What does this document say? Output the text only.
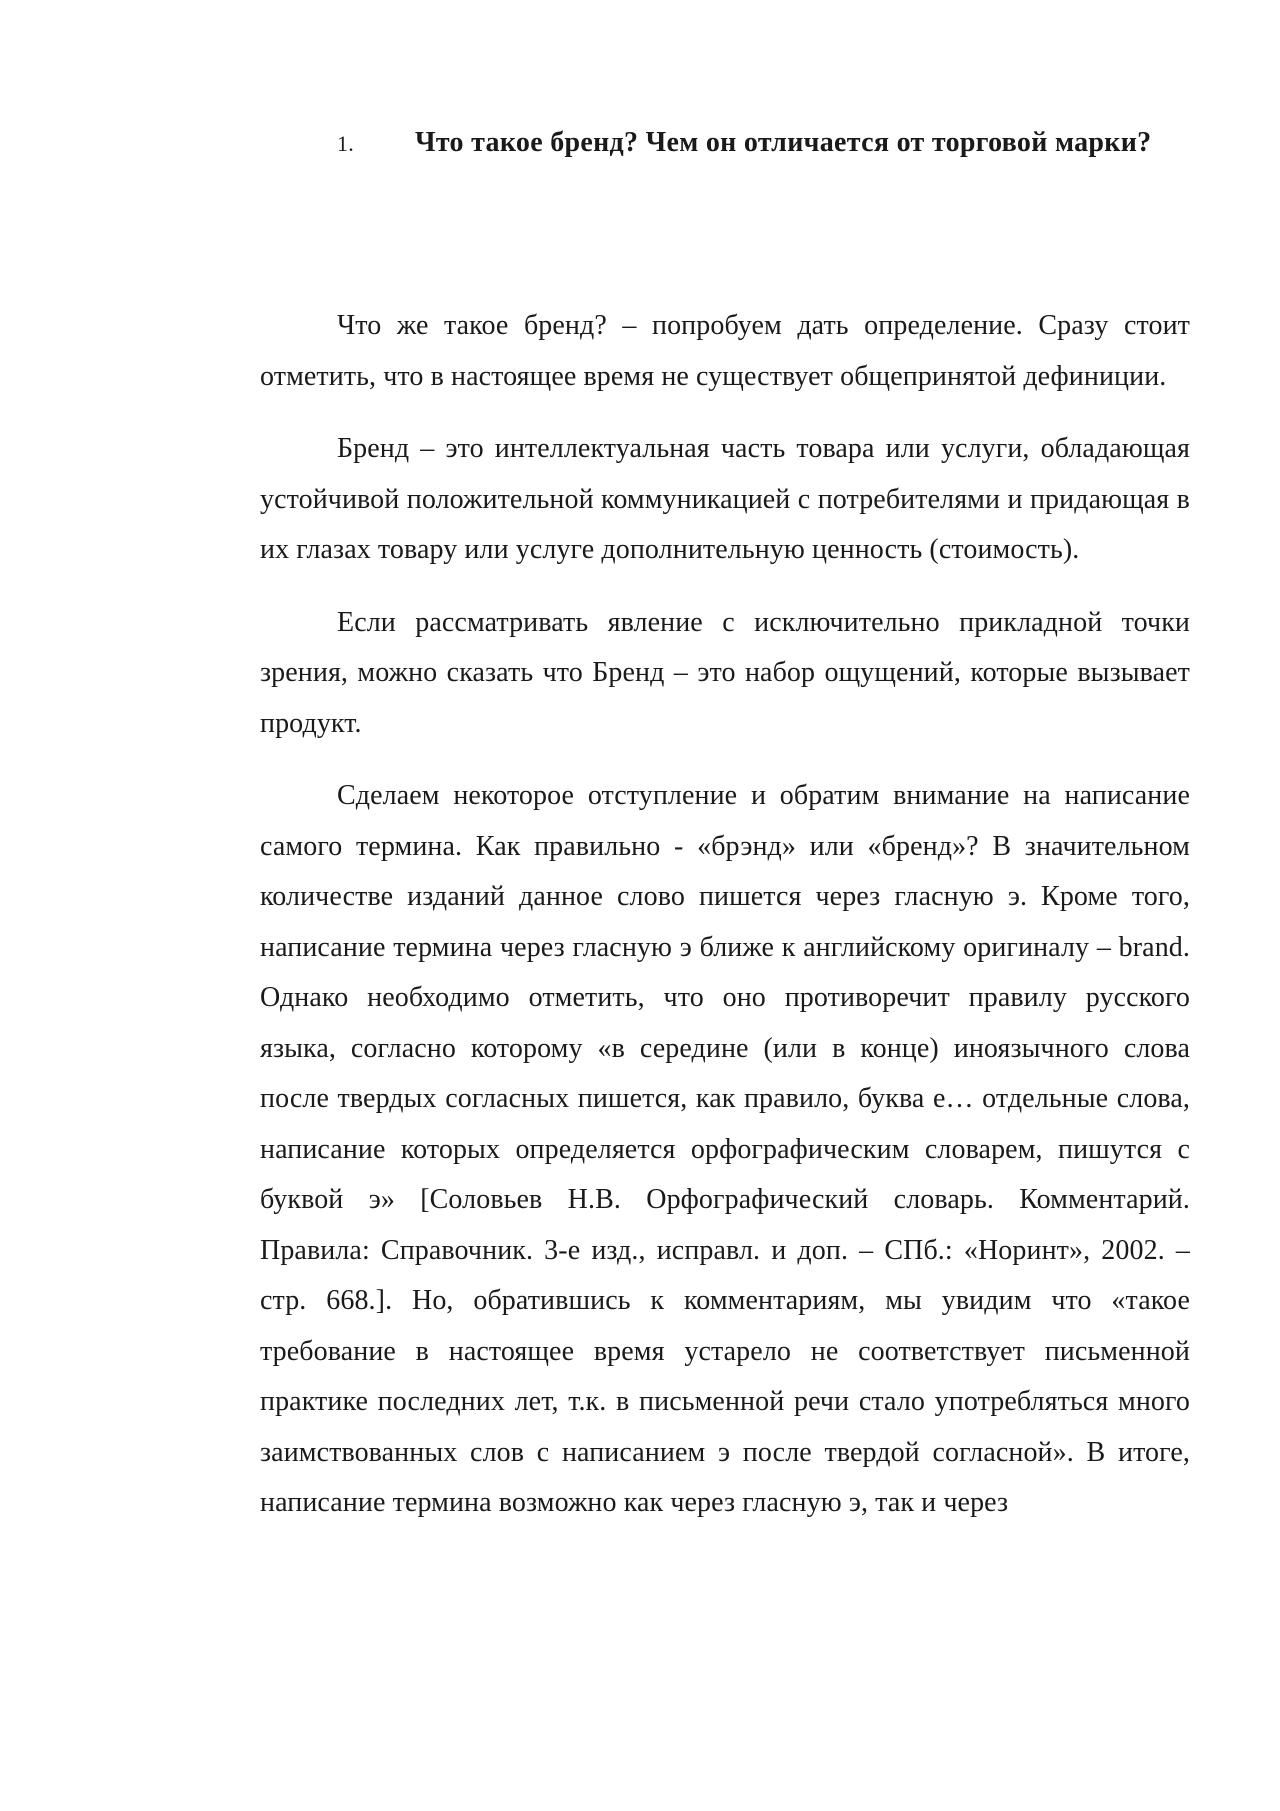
1. Что такое бренд? Чем он отличается от торговой марки?

Что же такое бренд? – попробуем дать определение. Сразу стоит отметить, что в настоящее время не существует общепринятой дефиниции.

Бренд – это интеллектуальная часть товара или услуги, обладающая устойчивой положительной коммуникацией с потребителями и придающая в их глазах товару или услуге дополнительную ценность (стоимость).

Если рассматривать явление с исключительно прикладной точки зрения, можно сказать что Бренд – это набор ощущений, которые вызывает продукт.

Сделаем некоторое отступление и обратим внимание на написание самого термина. Как правильно - «брэнд» или «бренд»? В значительном количестве изданий данное слово пишется через гласную э. Кроме того, написание термина через гласную э ближе к английскому оригиналу – brand. Однако необходимо отметить, что оно противоречит правилу русского языка, согласно которому «в середине (или в конце) иноязычного слова после твердых согласных пишется, как правило, буква е… отдельные слова, написание которых определяется орфографическим словарем, пишутся с буквой э» [Соловьев Н.В. Орфографический словарь. Комментарий. Правила: Справочник. 3-е изд., исправл. и доп. – СПб.: «Норинт», 2002. – стр. 668.]. Но, обратившись к комментариям, мы увидим что «такое требование в настоящее время устарело не соответствует письменной практике последних лет, т.к. в письменной речи стало употребляться много заимствованных слов с написанием э после твердой согласной». В итоге, написание термина возможно как через гласную э, так и через
